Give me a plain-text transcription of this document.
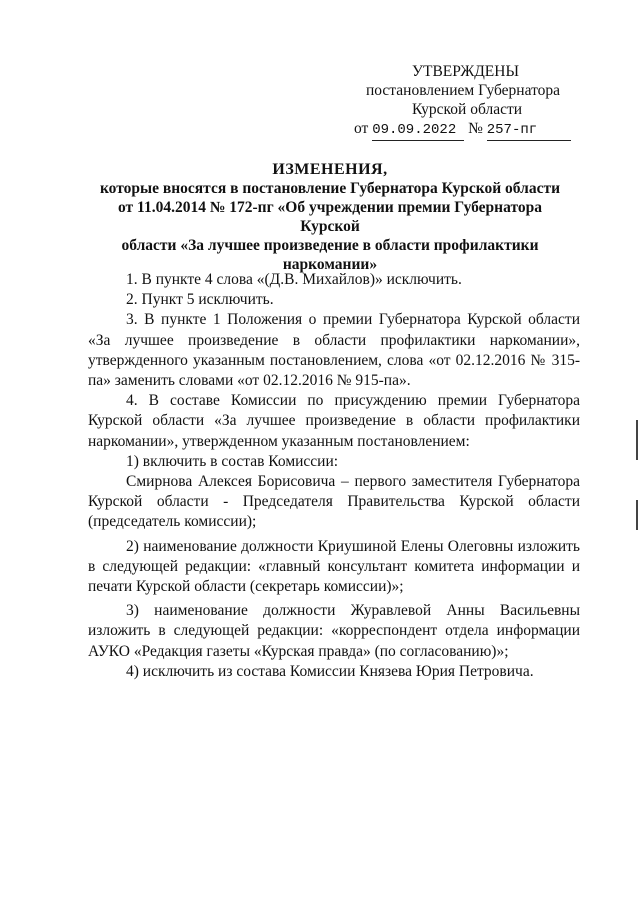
УТВЕРЖДЕНЫ
постановлением Губернатора
Курской области
от 09.09.2022 № 257-пг
ИЗМЕНЕНИЯ,
которые вносятся в постановление Губернатора Курской области
от 11.04.2014 № 172-пг «Об учреждении премии Губернатора Курской
области «За лучшее произведение в области профилактики
наркомании»

1. В пункте 4 слова «(Д.В. Михайлов)» исключить.

2. Пункт 5 исключить.

3. В пункте 1 Положения о премии Губернатора Курской области «За лучшее произведение в области профилактики наркомании», утвержденного указанным постановлением, слова «от 02.12.2016 № 315-па» заменить словами «от 02.12.2016 № 915-па».

4. В составе Комиссии по присуждению премии Губернатора Курской области «За лучшее произведение в области профилактики наркомании», утвержденном указанным постановлением:

1) включить в состав Комиссии:

Смирнова Алексея Борисовича – первого заместителя Губернатора Курской области - Председателя Правительства Курской области (председатель комиссии);

2) наименование должности Криушиной Елены Олеговны изложить в следующей редакции: «главный консультант комитета информации и печати Курской области (секретарь комиссии)»;

3) наименование должности Журавлевой Анны Васильевны изложить в следующей редакции: «корреспондент отдела информации АУКО «Редакция газеты «Курская правда» (по согласованию)»;

4) исключить из состава Комиссии Князева Юрия Петровича.
